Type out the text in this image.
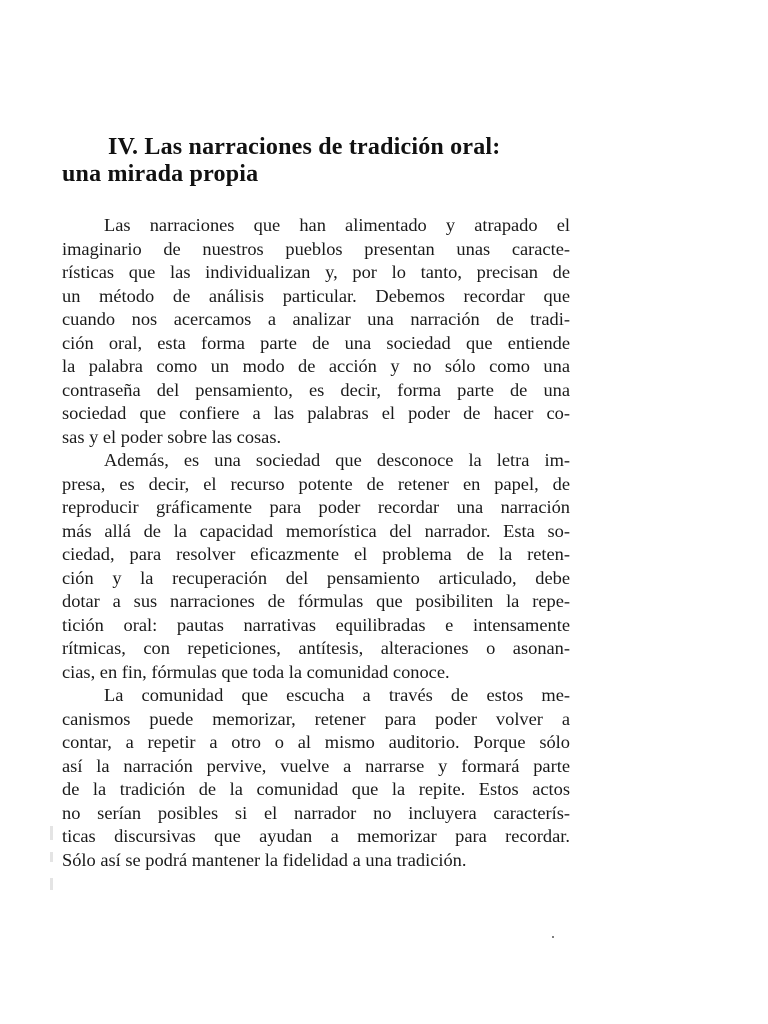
IV. Las narraciones de tradición oral:
una mirada propia

Las narraciones que han alimentado y atrapado el
imaginario de nuestros pueblos presentan unas caracte-
rísticas que las individualizan y, por lo tanto, precisan de
un método de análisis particular. Debemos recordar que
cuando nos acercamos a analizar una narración de tradi-
ción oral, esta forma parte de una sociedad que entiende
la palabra como un modo de acción y no sólo como una
contraseña del pensamiento, es decir, forma parte de una
sociedad que confiere a las palabras el poder de hacer co-
sas y el poder sobre las cosas.

Además, es una sociedad que desconoce la letra im-
presa, es decir, el recurso potente de retener en papel, de
reproducir gráficamente para poder recordar una narración
más allá de la capacidad memorística del narrador. Esta so-
ciedad, para resolver eficazmente el problema de la reten-
ción y la recuperación del pensamiento articulado, debe
dotar a sus narraciones de fórmulas que posibiliten la repe-
tición oral: pautas narrativas equilibradas e intensamente
rítmicas, con repeticiones, antítesis, alteraciones o asonan-
cias, en fin, fórmulas que toda la comunidad conoce.

La comunidad que escucha a través de estos me-
canismos puede memorizar, retener para poder volver a
contar, a repetir a otro o al mismo auditorio. Porque sólo
así la narración pervive, vuelve a narrarse y formará parte
de la tradición de la comunidad que la repite. Estos actos
no serían posibles si el narrador no incluyera caracterís-
ticas discursivas que ayudan a memorizar para recordar.
Sólo así se podrá mantener la fidelidad a una tradición.
